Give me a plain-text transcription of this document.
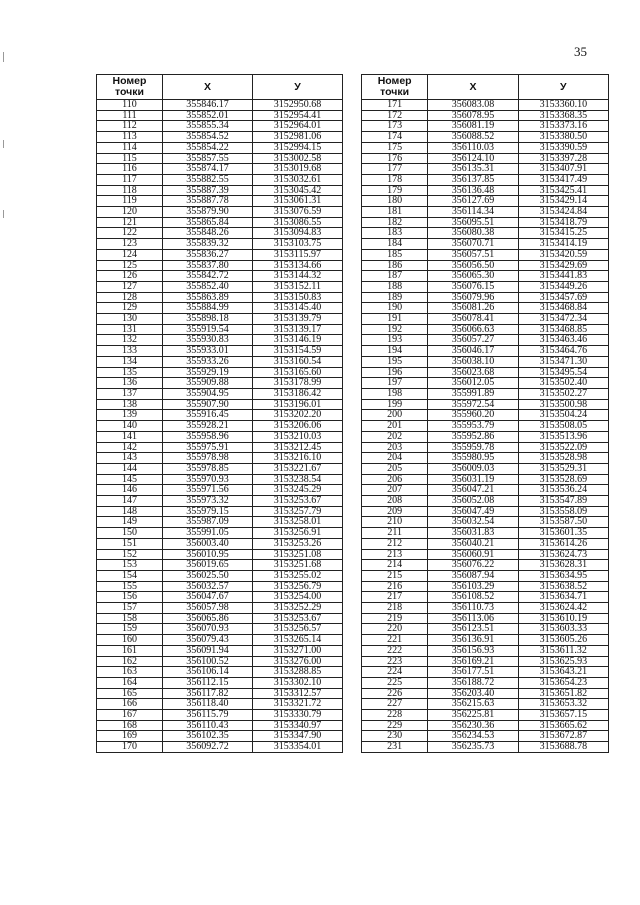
35
Номер
точки	X	У
110	355846.17	3152950.68
111	355852.01	3152954.41
112	355855.34	3152964.01
113	355854.52	3152981.06
114	355854.22	3152994.15
115	355857.55	3153002.58
116	355874.17	3153019.68
117	355882.55	3153032.61
118	355887.39	3153045.42
119	355887.78	3153061.31
120	355879.90	3153076.59
121	355865.84	3153086.55
122	355848.26	3153094.83
123	355839.32	3153103.75
124	355836.27	3153115.97
125	355837.80	3153134.66
126	355842.72	3153144.32
127	355852.40	3153152.11
128	355863.89	3153150.83
129	355884.99	3153145.40
130	355898.18	3153139.79
131	355919.54	3153139.17
132	355930.83	3153146.19
133	355933.01	3153154.59
134	355933.26	3153160.54
135	355929.19	3153165.60
136	355909.88	3153178.99
137	355904.95	3153186.42
138	355907.90	3153196.01
139	355916.45	3153202.20
140	355928.21	3153206.06
141	355958.96	3153210.03
142	355975.91	3153212.45
143	355978.98	3153216.10
144	355978.85	3153221.67
145	355970.93	3153238.54
146	355971.56	3153245.29
147	355973.32	3153253.67
148	355979.15	3153257.79
149	355987.09	3153258.01
150	355991.05	3153256.91
151	356003.40	3153253.26
152	356010.95	3153251.08
153	356019.65	3153251.68
154	356025.50	3153255.02
155	356032.57	3153256.79
156	356047.67	3153254.00
157	356057.98	3153252.29
158	356065.86	3153253.67
159	356070.93	3153256.57
160	356079.43	3153265.14
161	356091.94	3153271.00
162	356100.52	3153276.00
163	356106.14	3153288.85
164	356112.15	3153302.10
165	356117.82	3153312.57
166	356118.40	3153321.72
167	356115.79	3153330.79
168	356110.43	3153340.97
169	356102.35	3153347.90
170	356092.72	3153354.01
Номер
точки	X	У
171	356083.08	3153360.10
172	356078.95	3153368.35
173	356081.19	3153373.16
174	356088.52	3153380.50
175	356110.03	3153390.59
176	356124.10	3153397.28
177	356135.31	3153407.91
178	356137.85	3153417.49
179	356136.48	3153425.41
180	356127.69	3153429.14
181	356114.34	3153424.84
182	356095.51	3153418.79
183	356080.38	3153415.25
184	356070.71	3153414.19
185	356057.51	3153420.59
186	356056.50	3153429.69
187	356065.30	3153441.83
188	356076.15	3153449.26
189	356079.96	3153457.69
190	356081.26	3153468.84
191	356078.41	3153472.34
192	356066.63	3153468.85
193	356057.27	3153463.46
194	356046.17	3153464.76
195	356038.10	3153471.30
196	356023.68	3153495.54
197	356012.05	3153502.40
198	355991.89	3153502.27
199	355972.54	3153500.98
200	355960.20	3153504.24
201	355953.79	3153508.05
202	355952.86	3153513.96
203	355959.78	3153522.09
204	355980.95	3153528.98
205	356009.03	3153529.31
206	356031.19	3153528.69
207	356047.21	3153536.24
208	356052.08	3153547.89
209	356047.49	3153558.09
210	356032.54	3153587.50
211	356031.83	3153601.35
212	356040.21	3153614.26
213	356060.91	3153624.73
214	356076.22	3153628.31
215	356087.94	3153634.95
216	356103.29	3153638.52
217	356108.52	3153634.71
218	356110.73	3153624.42
219	356113.06	3153610.19
220	356123.51	3153603.33
221	356136.91	3153605.26
222	356156.93	3153611.32
223	356169.21	3153625.93
224	356177.51	3153643.21
225	356188.72	3153654.23
226	356203.40	3153651.82
227	356215.63	3153653.32
228	356225.81	3153657.15
229	356230.36	3153665.62
230	356234.53	3153672.87
231	356235.73	3153688.78
